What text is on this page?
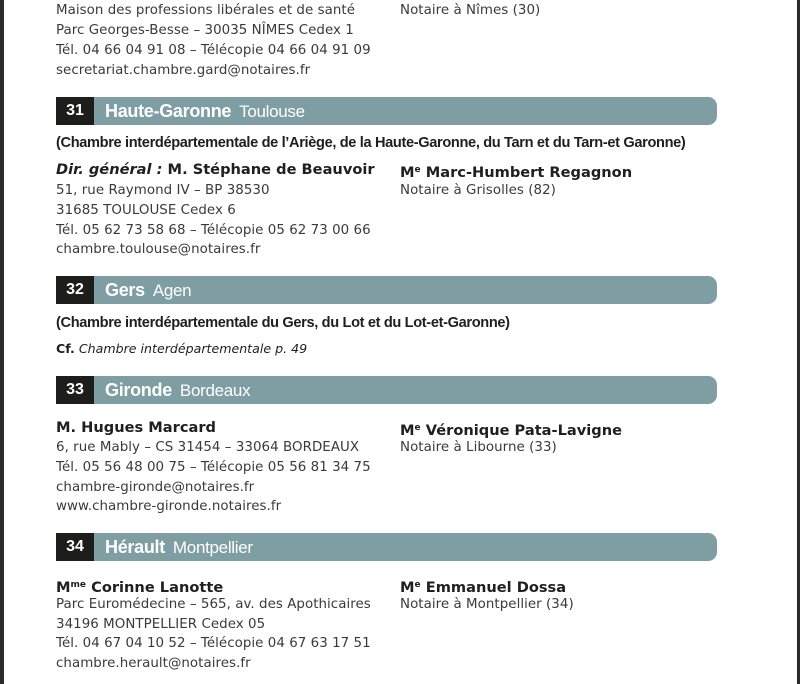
Maison des professions libérales et de santé
Parc Georges-Besse – 30035 NÎMES Cedex 1
Tél. 04 66 04 91 08 – Télécopie 04 66 04 91 09
secretariat.chambre.gard@notaires.fr
Notaire à Nîmes (30)
31	Haute-Garonne Toulouse
(Chambre interdépartementale de l’Ariège, de la Haute-Garonne, du Tarn et du Tarn-et Garonne)
Dir. général : M. Stéphane de Beauvoir
51, rue Raymond IV – BP 38530
31685 TOULOUSE Cedex 6
Tél. 05 62 73 58 68 – Télécopie 05 62 73 00 66
chambre.toulouse@notaires.fr
Me Marc-Humbert Regagnon
Notaire à Grisolles (82)
32	Gers Agen
(Chambre interdépartementale du Gers, du Lot et du Lot-et-Garonne)
Cf. Chambre interdépartementale p. 49
33	Gironde Bordeaux
M. Hugues Marcard
6, rue Mably – CS 31454 – 33064 BORDEAUX
Tél. 05 56 48 00 75 – Télécopie 05 56 81 34 75
chambre-gironde@notaires.fr
www.chambre-gironde.notaires.fr
Me Véronique Pata-Lavigne
Notaire à Libourne (33)
34	Hérault Montpellier
$M^{me}$ Corinne Lanotte
Parc Euromédecine – 565, av. des Apothicaires
34196 MONTPELLIER Cedex 05
Tél. 04 67 04 10 52 – Télécopie 04 67 63 17 51
chambre.herault@notaires.fr
Me Emmanuel Dossa
Notaire à Montpellier (34)
